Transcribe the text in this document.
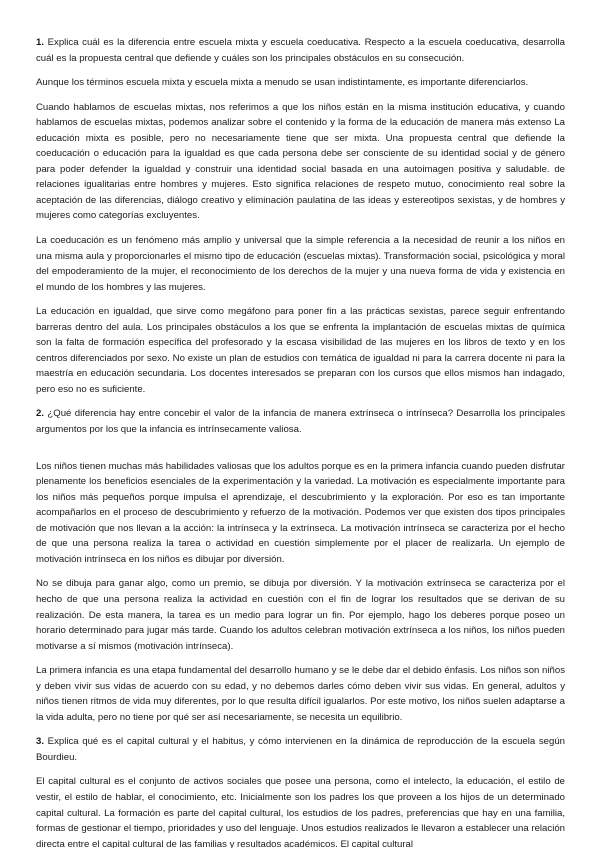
1. Explica cuál es la diferencia entre escuela mixta y escuela coeducativa. Respecto a la escuela coeducativa, desarrolla cuál es la propuesta central que defiende y cuáles son los principales obstáculos en su consecución.

Aunque los términos escuela mixta y escuela mixta a menudo se usan indistintamente, es importante diferenciarlos.

Cuando hablamos de escuelas mixtas, nos referimos a que los niños están en la misma institución educativa, y cuando hablamos de escuelas mixtas, podemos analizar sobre el contenido y la forma de la educación de manera más extenso La educación mixta es posible, pero no necesariamente tiene que ser mixta. Una propuesta central que defiende la coeducación o educación para la igualdad es que cada persona debe ser consciente de su identidad social y de género para poder defender la igualdad y construir una identidad social basada en una autoimagen positiva y saludable. de relaciones igualitarias entre hombres y mujeres. Esto significa relaciones de respeto mutuo, conocimiento real sobre la aceptación de las diferencias, diálogo creativo y eliminación paulatina de las ideas y estereotipos sexistas, y de hombres y mujeres como categorías excluyentes.

La coeducación es un fenómeno más amplio y universal que la simple referencia a la necesidad de reunir a los niños en una misma aula y proporcionarles el mismo tipo de educación (escuelas mixtas). Transformación social, psicológica y moral del empoderamiento de la mujer, el reconocimiento de los derechos de la mujer y una nueva forma de vida y existencia en el mundo de los hombres y las mujeres.

La educación en igualdad, que sirve como megáfono para poner fin a las prácticas sexistas, parece seguir enfrentando barreras dentro del aula. Los principales obstáculos a los que se enfrenta la implantación de escuelas mixtas de química son la falta de formación específica del profesorado y la escasa visibilidad de las mujeres en los libros de texto y en los centros diferenciados por sexo. No existe un plan de estudios con temática de igualdad ni para la carrera docente ni para la maestría en educación secundaria. Los docentes interesados se preparan con los cursos que ellos mismos han indagado, pero eso no es suficiente.

2. ¿Qué diferencia hay entre concebir el valor de la infancia de manera extrínseca o intrínseca? Desarrolla los principales argumentos por los que la infancia es intrínsecamente valiosa.

Los niños tienen muchas más habilidades valiosas que los adultos porque es en la primera infancia cuando pueden disfrutar plenamente los beneficios esenciales de la experimentación y la variedad. La motivación es especialmente importante para los niños más pequeños porque impulsa el aprendizaje, el descubrimiento y la exploración. Por eso es tan importante acompañarlos en el proceso de descubrimiento y refuerzo de la motivación. Podemos ver que existen dos tipos principales de motivación que nos llevan a la acción: la intrínseca y la extrínseca. La motivación intrínseca se caracteriza por el hecho de que una persona realiza la tarea o actividad en cuestión simplemente por el placer de realizarla. Un ejemplo de motivación intrínseca en los niños es dibujar por diversión.

No se dibuja para ganar algo, como un premio, se dibuja por diversión. Y la motivación extrínseca se caracteriza por el hecho de que una persona realiza la actividad en cuestión con el fin de lograr los resultados que se derivan de su realización. De esta manera, la tarea es un medio para lograr un fin. Por ejemplo, hago los deberes porque poseo un horario determinado para jugar más tarde. Cuando los adultos celebran motivación extrínseca a los niños, los niños pueden motivarse a sí mismos (motivación intrínseca).

La primera infancia es una etapa fundamental del desarrollo humano y se le debe dar el debido énfasis. Los niños son niños y deben vivir sus vidas de acuerdo con su edad, y no debemos darles cómo deben vivir sus vidas. En general, adultos y niños tienen ritmos de vida muy diferentes, por lo que resulta difícil igualarlos. Por este motivo, los niños suelen adaptarse a la vida adulta, pero no tiene por qué ser así necesariamente, se necesita un equilibrio.

3. Explica qué es el capital cultural y el habitus, y cómo intervienen en la dinámica de reproducción de la escuela según Bourdieu.

El capital cultural es el conjunto de activos sociales que posee una persona, como el intelecto, la educación, el estilo de vestir, el estilo de hablar, el conocimiento, etc. Inicialmente son los padres los que proveen a los hijos de un determinado capital cultural. La formación es parte del capital cultural, los estudios de los padres, preferencias que hay en una familia, formas de gestionar el tiempo, prioridades y uso del lenguaje. Unos estudios realizados le llevaron a establecer una relación directa entre el capital cultural de las familias y resultados académicos. El capital cultural
